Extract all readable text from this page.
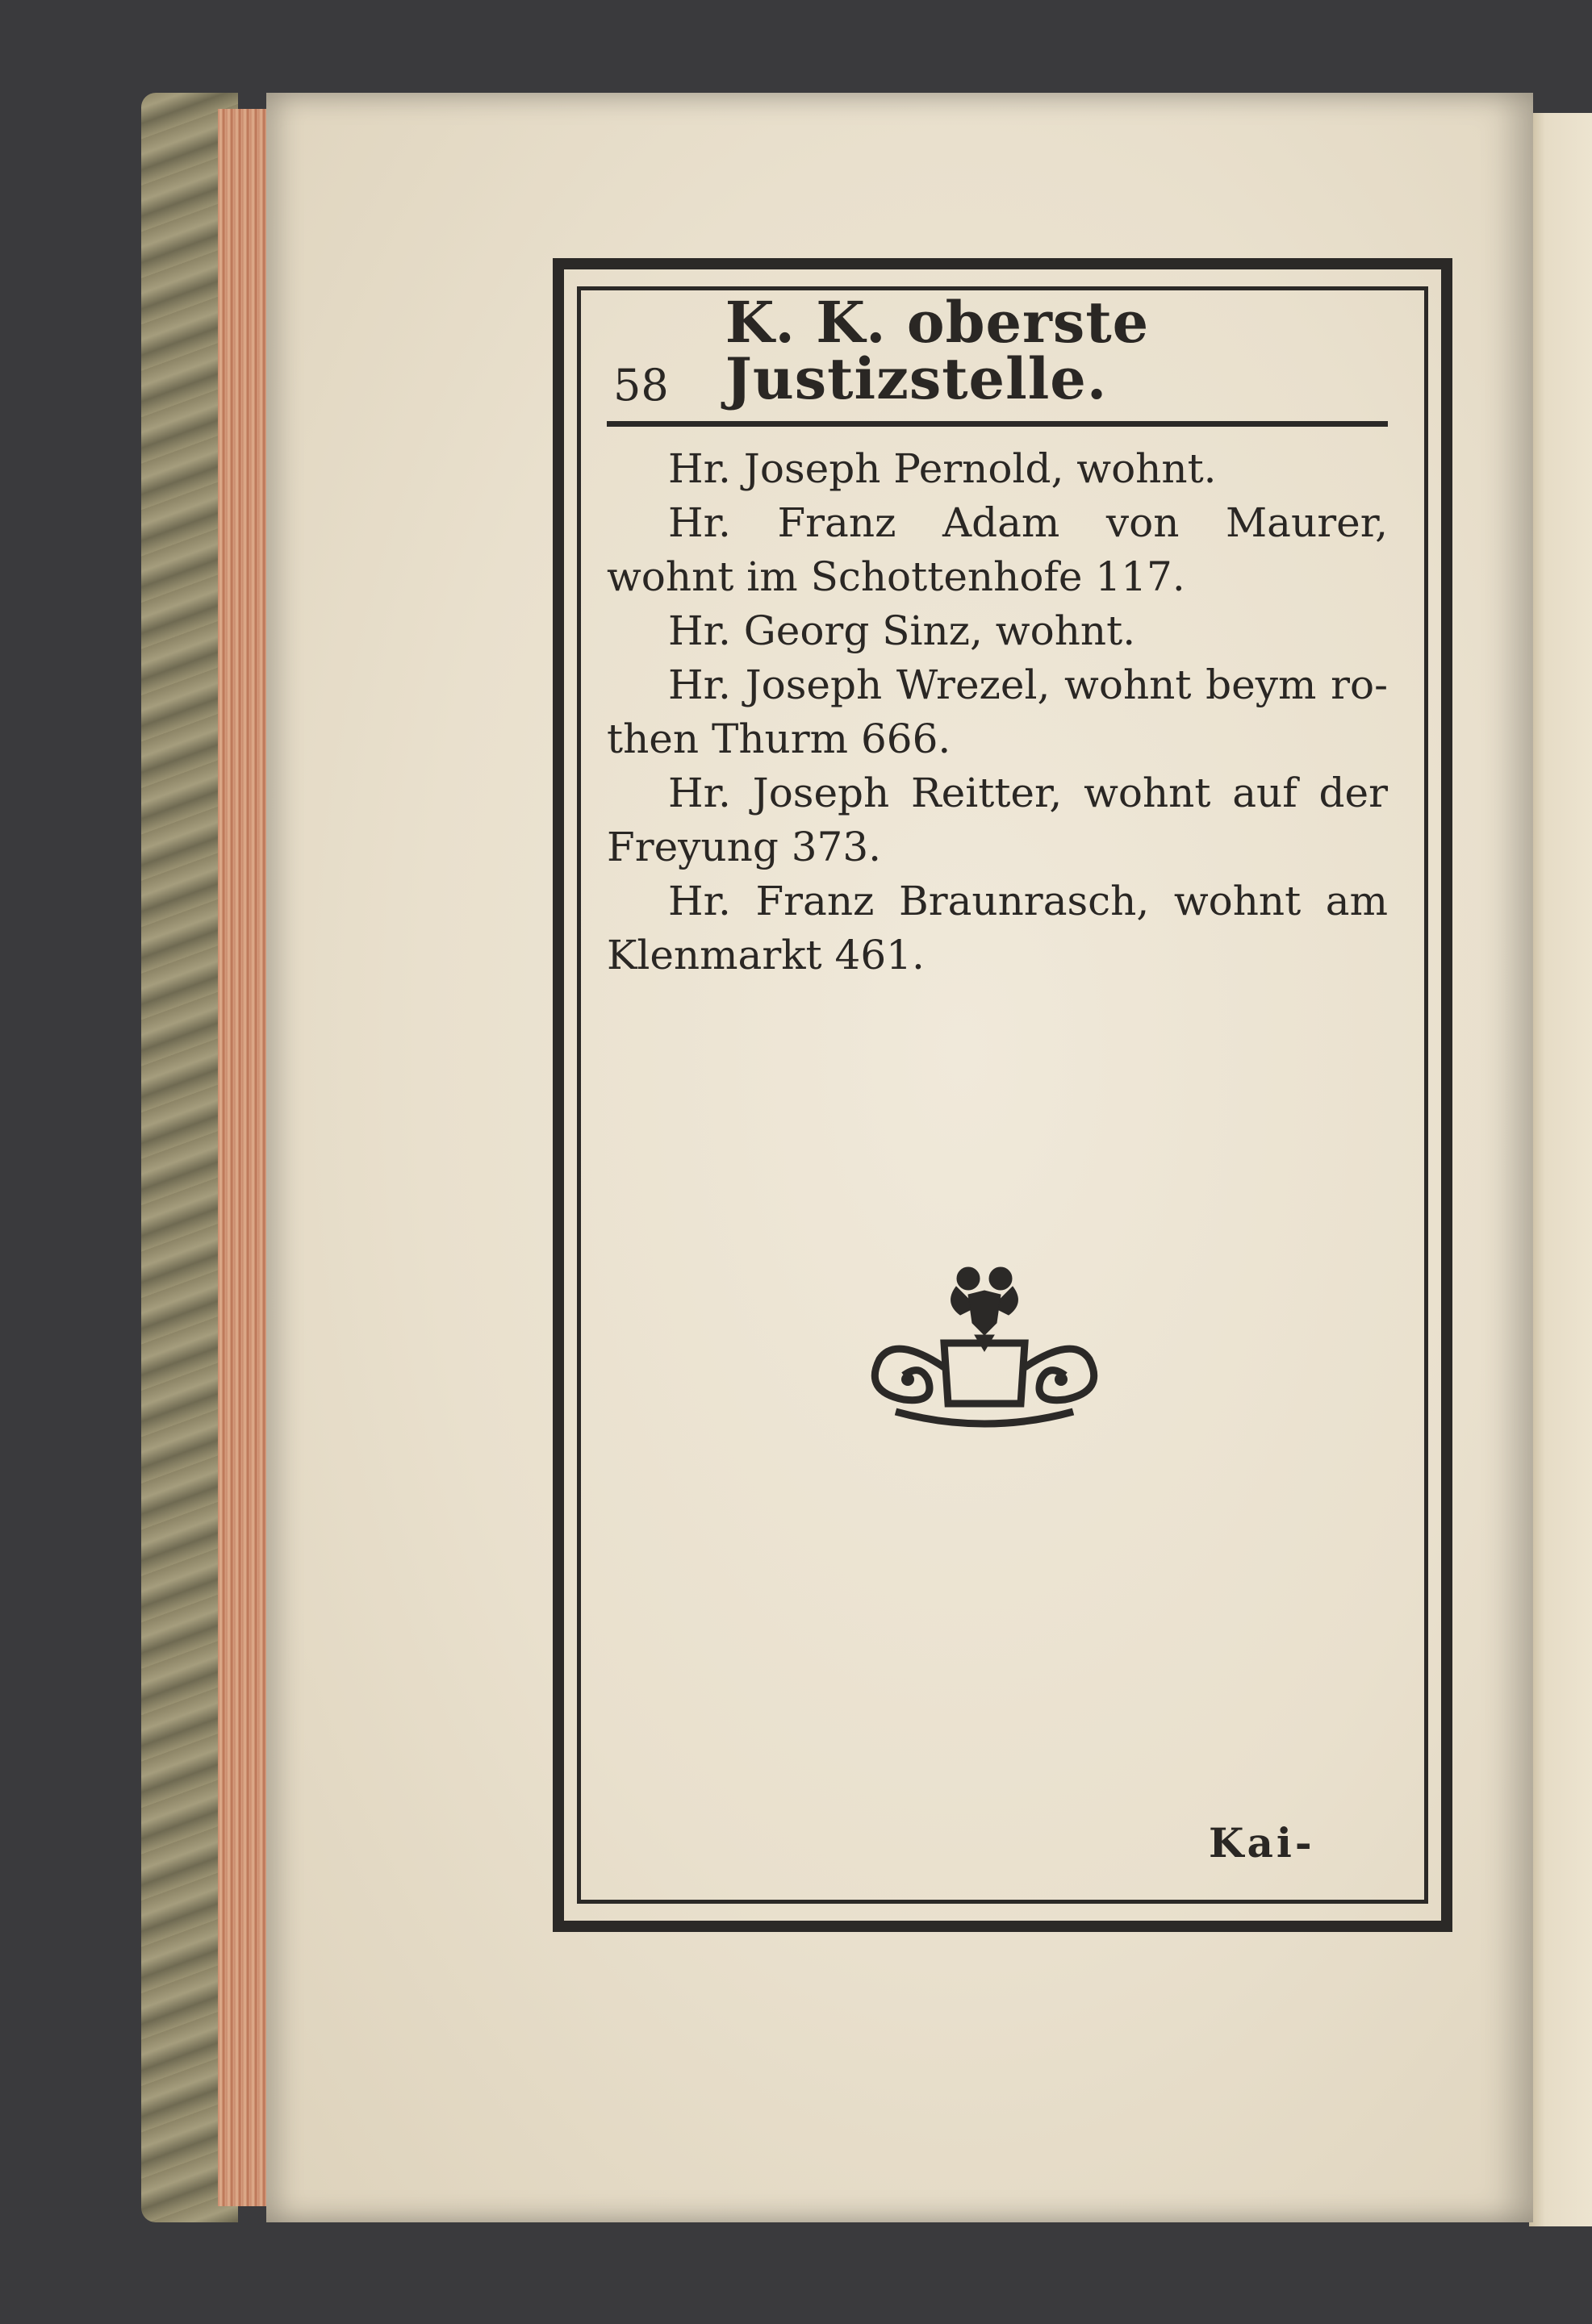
58
K. K. oberste Justizstelle.

Hr. Joseph Pernold, wohnt.

Hr. Franz Adam von Maurer, wohnt im Schottenhofe 117.

Hr. Georg Sinz, wohnt.

Hr. Joseph Wrezel, wohnt beym rothen Thurm 666.

Hr. Joseph Reitter, wohnt auf der Freyung 373.

Hr. Franz Braunrasch, wohnt am Klenmarkt 461.

Kai-
